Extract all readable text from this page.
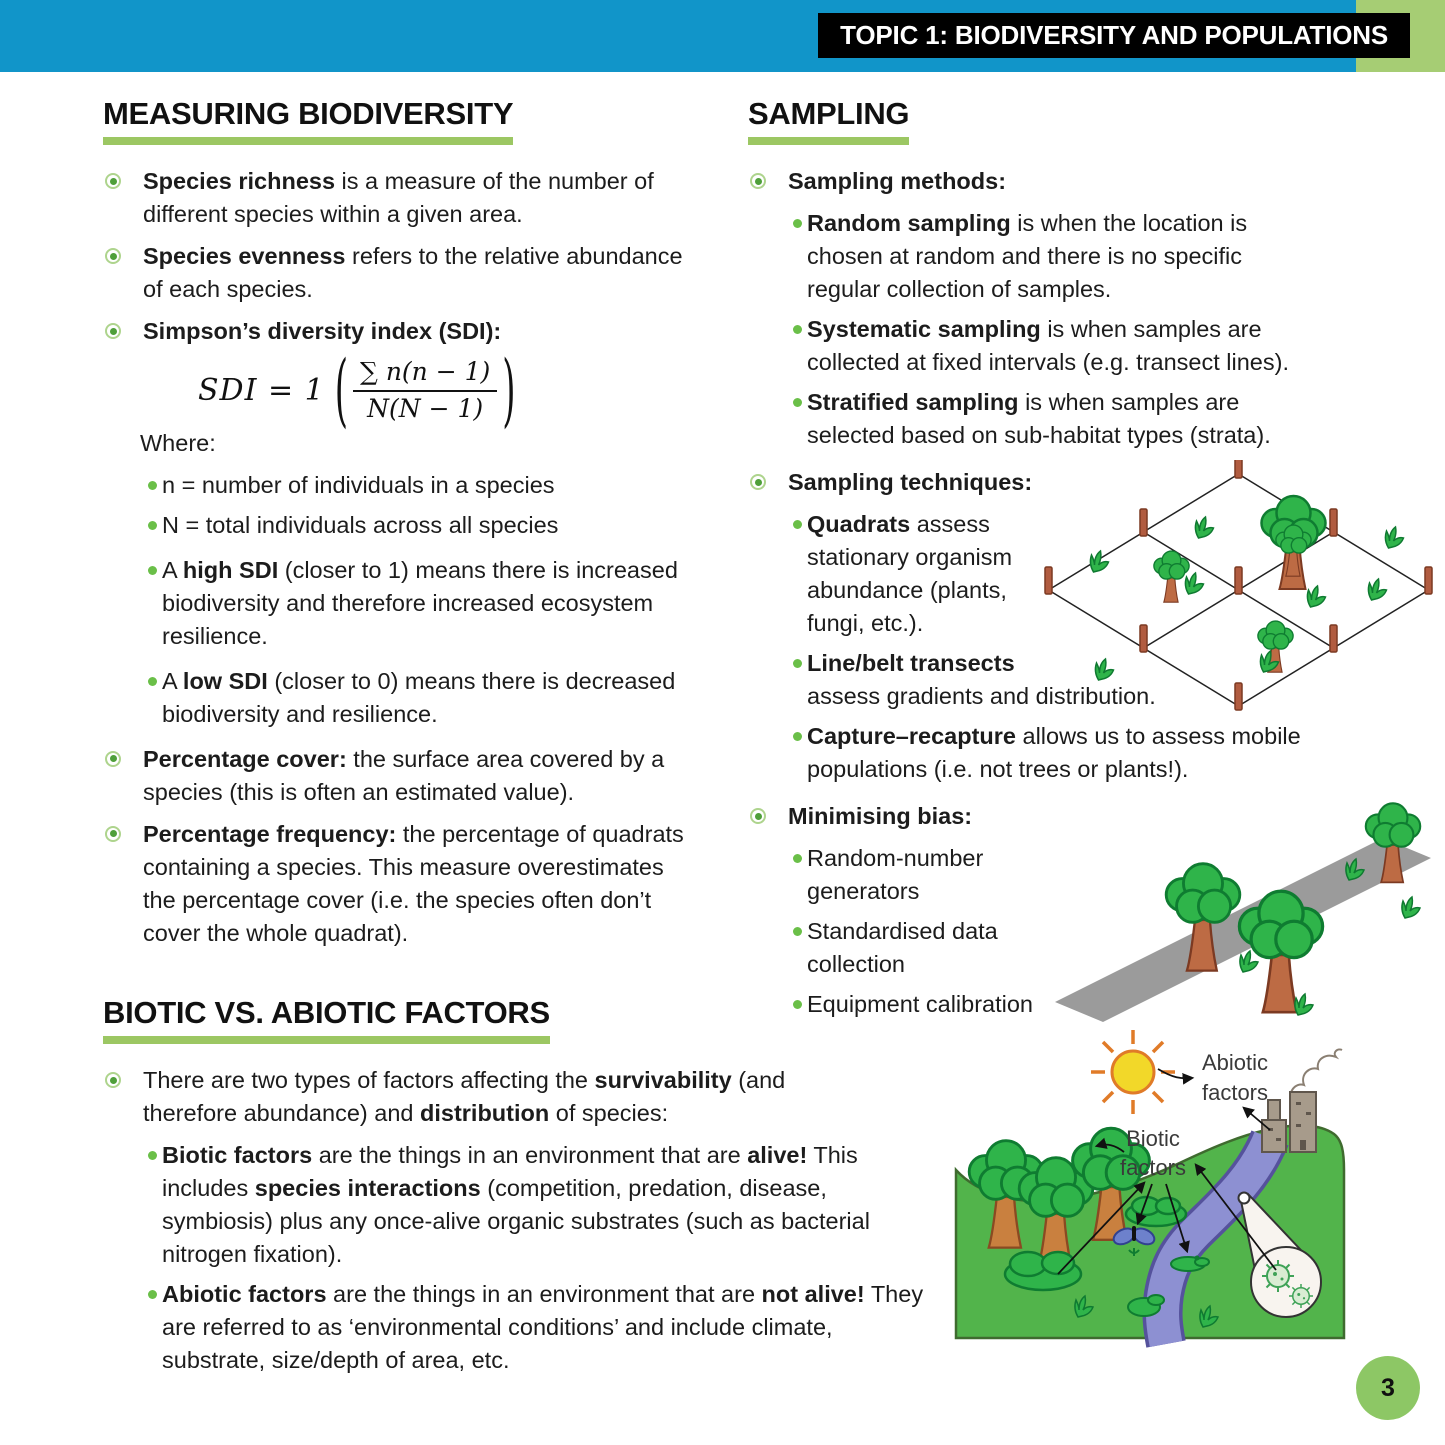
TOPIC 1: BIODIVERSITY AND POPULATIONS
MEASURING BIODIVERSITY
Species richness is a measure of the number of different species within a given area.
Species evenness refers to the relative abundance of each species.
Simpson’s diversity index (SDI):
SDI = 1 ( $\frac{\sum n(n - 1)}{N(N - 1)}$ )
Where:
n = number of individuals in a species
N = total individuals across all species
A high SDI (closer to 1) means there is increased biodiversity and therefore increased ecosystem resilience.
A low SDI (closer to 0) means there is decreased biodiversity and resilience.
Percentage cover: the surface area covered by a species (this is often an estimated value).
Percentage frequency: the percentage of quadrats containing a species. This measure overestimates the percentage cover (i.e. the species often don’t cover the whole quadrat).
SAMPLING
Sampling methods:
Random sampling is when the location is chosen at random and there is no specific regular collection of samples.
Systematic sampling is when samples are collected at fixed intervals (e.g. transect lines).
Stratified sampling is when samples are selected based on sub-habitat types (strata).
Sampling techniques:
Quadrats assess stationary organism abundance (plants, fungi, etc.).
Line/belt transects
assess gradients and distribution.
Capture–recapture allows us to assess mobile populations (i.e. not trees or plants!).
Minimising bias:
Random-number generators
Standardised data collection
Equipment calibration
BIOTIC VS. ABIOTIC FACTORS
There are two types of factors affecting the survivability (and therefore abundance) and distribution of species:
Biotic factors are the things in an environment that are alive! This includes species interactions (competition, predation, disease, symbiosis) plus any once-alive organic substrates (such as bacterial nitrogen fixation).
Abiotic factors are the things in an environment that are not alive! They are referred to as ‘environmental conditions’ and include climate, substrate, size/depth of area, etc.
Abiotic
factors
Biotic
factors
3
